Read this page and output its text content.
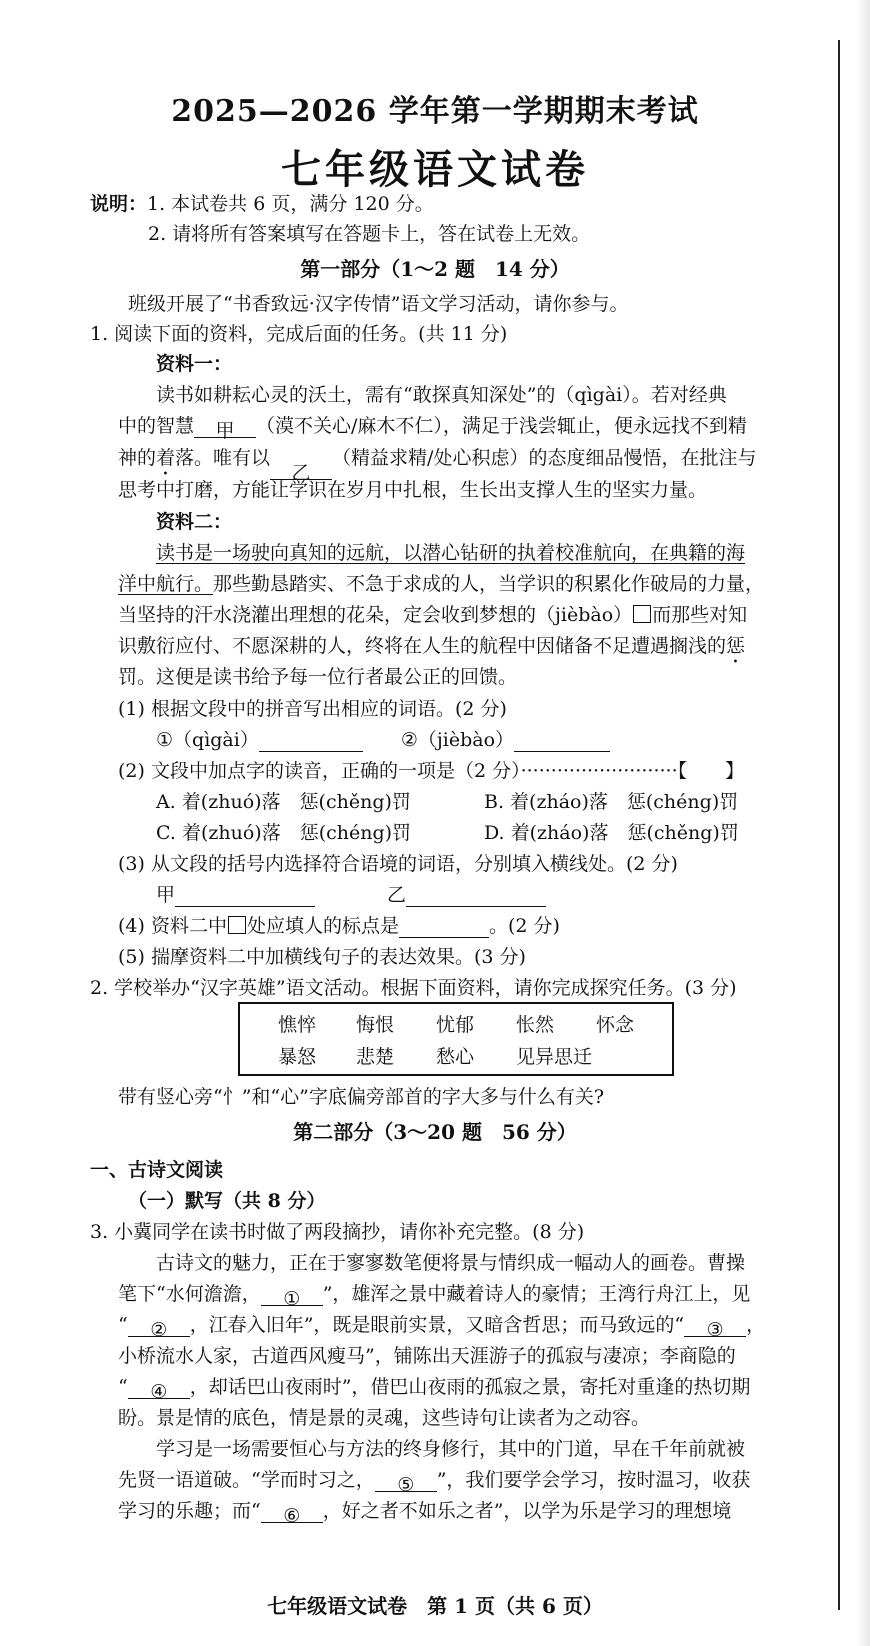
2025—2026 学年第一学期期末考试
七年级语文试卷
说明：1. 本试卷共 6 页，满分 120 分。
2. 请将所有答案填写在答题卡上，答在试卷上无效。
第一部分（1～2 题　14 分）
班级开展了“书香致远·汉字传情”语文学习活动，请你参与。
1. 阅读下面的资料，完成后面的任务。(共 11 分)
资料一：
读书如耕耘心灵的沃土，需有“敢探真知深处”的（qìgài）。若对经典
中的智慧 甲 （漠不关心/麻木不仁），满足于浅尝辄止，便永远找不到精
神的着落。唯有以乙（精益求精/处心积虑）的态度细品慢悟，在批注与
思考中打磨，方能让学识在岁月中扎根，生长出支撑人生的坚实力量。
资料二：
读书是一场驶向真知的远航，以潜心钻研的执着校准航向，在典籍的海
洋中航行。那些勤恳踏实、不急于求成的人，当学识的积累化作破局的力量，
当坚持的汗水浇灌出理想的花朵，定会收到梦想的（jièbào） 而那些对知
识敷衍应付、不愿深耕的人，终将在人生的航程中因储备不足遭遇搁浅的惩
罚。这便是读书给予每一位行者最公正的回馈。
(1) 根据文段中的拼音写出相应的词语。(2 分)
①（qìgài）	②（jièbào）
(2) 文段中加点字的读音，正确的一项是（2 分）··························【　　】
A. 着(zhuó)落　惩(chěng)罚	B. 着(zháo)落　惩(chéng)罚
C. 着(zhuó)落　惩(chéng)罚	D. 着(zháo)落　惩(chěng)罚
(3) 从文段的括号内选择符合语境的词语，分别填入横线处。(2 分)
甲	乙
(4) 资料二中 处应填人的标点是	。(2 分)
(5) 揣摩资料二中加横线句子的表达效果。(3 分)
2. 学校举办“汉字英雄”语文活动。根据下面资料，请你完成探究任务。(3 分)
憔悴 悔恨 忧郁 怅然 怀念
暴怒 悲楚 愁心 见异思迁
带有竖心旁“忄”和“心”字底偏旁部首的字大多与什么有关?
第二部分（3～20 题　56 分）
一、古诗文阅读
（一）默写（共 8 分）
3. 小冀同学在读书时做了两段摘抄，请你补充完整。(8 分)
古诗文的魅力，正在于寥寥数笔便将景与情织成一幅动人的画卷。曹操
笔下“水何澹澹， ① ”，雄浑之景中藏着诗人的豪情；王湾行舟江上，见
“ ② ，江春入旧年”，既是眼前实景，又暗含哲思；而马致远的“ ③ ，
小桥流水人家，古道西风瘦马”，铺陈出天涯游子的孤寂与凄凉；李商隐的
“ ④ ，却话巴山夜雨时”，借巴山夜雨的孤寂之景，寄托对重逢的热切期
盼。景是情的底色，情是景的灵魂，这些诗句让读者为之动容。
学习是一场需要恒心与方法的终身修行，其中的门道，早在千年前就被
先贤一语道破。“学而时习之， ⑤ ”，我们要学会学习，按时温习，收获
学习的乐趣；而“ ⑥ ，好之者不如乐之者”，以学为乐是学习的理想境
七年级语文试卷　第 1 页（共 6 页）
